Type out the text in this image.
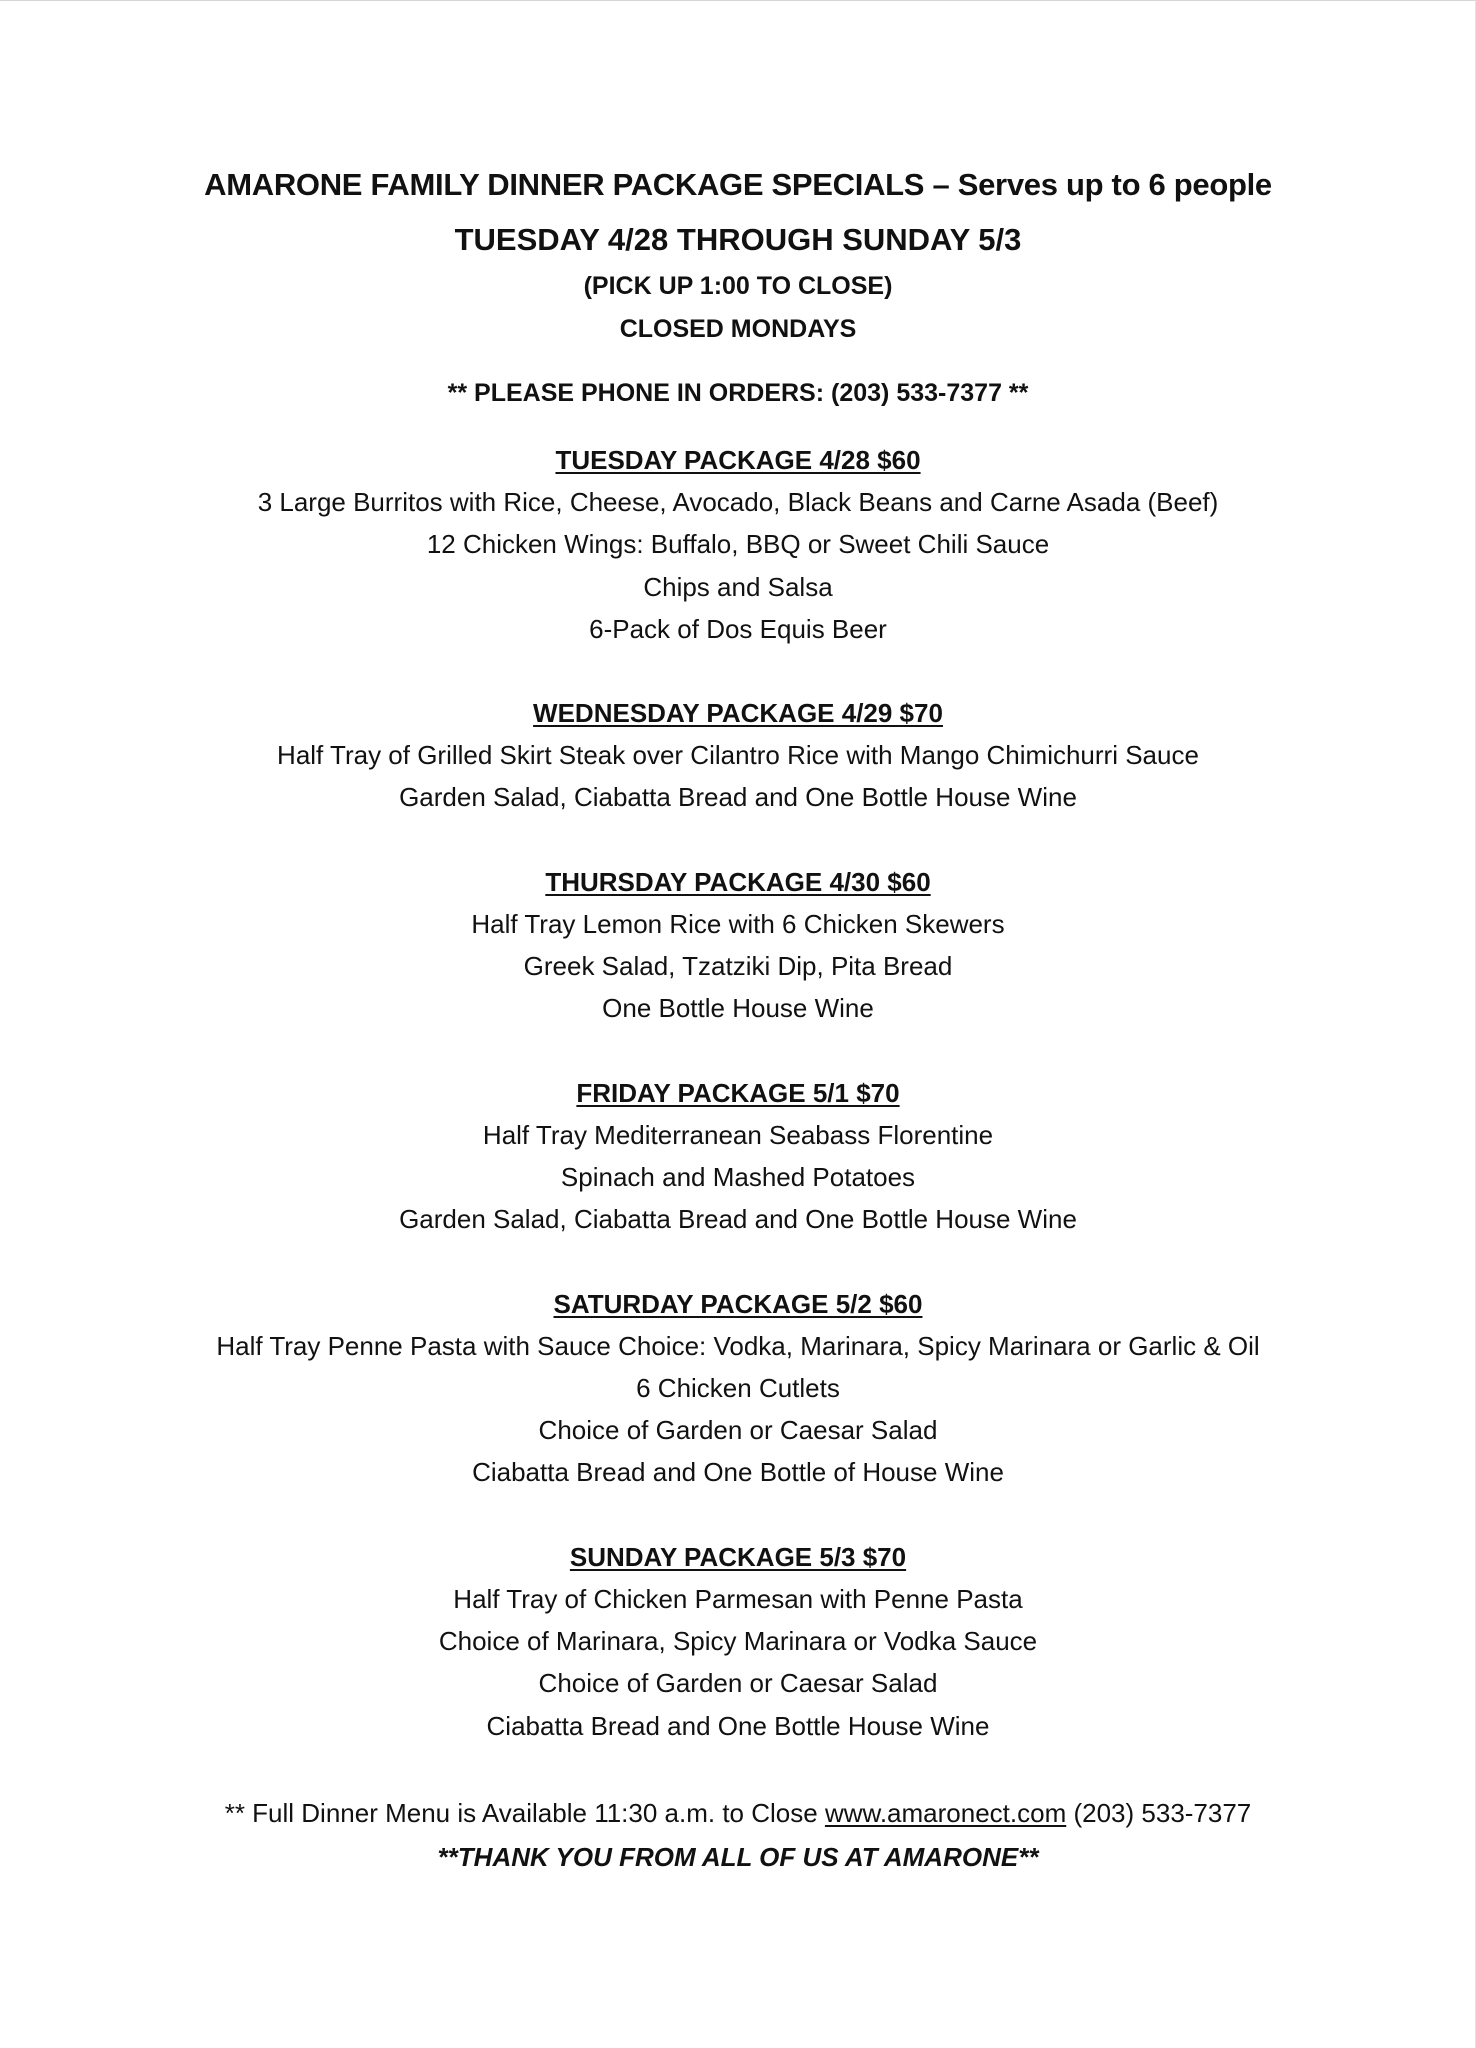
AMARONE FAMILY DINNER PACKAGE SPECIALS – Serves up to 6 people
TUESDAY 4/28 THROUGH SUNDAY 5/3
(PICK UP 1:00 TO CLOSE)
CLOSED MONDAYS
** PLEASE PHONE IN ORDERS: (203) 533-7377 **
TUESDAY PACKAGE 4/28 $60
3 Large Burritos with Rice, Cheese, Avocado, Black Beans and Carne Asada (Beef)
12 Chicken Wings: Buffalo, BBQ or Sweet Chili Sauce
Chips and Salsa
6-Pack of Dos Equis Beer
WEDNESDAY PACKAGE 4/29 $70
Half Tray of Grilled Skirt Steak over Cilantro Rice with Mango Chimichurri Sauce
Garden Salad, Ciabatta Bread and One Bottle House Wine
THURSDAY PACKAGE 4/30 $60
Half Tray Lemon Rice with 6 Chicken Skewers
Greek Salad, Tzatziki Dip, Pita Bread
One Bottle House Wine
FRIDAY PACKAGE 5/1 $70
Half Tray Mediterranean Seabass Florentine
Spinach and Mashed Potatoes
Garden Salad, Ciabatta Bread and One Bottle House Wine
SATURDAY PACKAGE 5/2 $60
Half Tray Penne Pasta with Sauce Choice: Vodka, Marinara, Spicy Marinara or Garlic & Oil
6 Chicken Cutlets
Choice of Garden or Caesar Salad
Ciabatta Bread and One Bottle of House Wine
SUNDAY PACKAGE 5/3 $70
Half Tray of Chicken Parmesan with Penne Pasta
Choice of Marinara, Spicy Marinara or Vodka Sauce
Choice of Garden or Caesar Salad
Ciabatta Bread and One Bottle House Wine
** Full Dinner Menu is Available 11:30 a.m. to Close www.amaronect.com (203) 533-7377
**THANK YOU FROM ALL OF US AT AMARONE**
